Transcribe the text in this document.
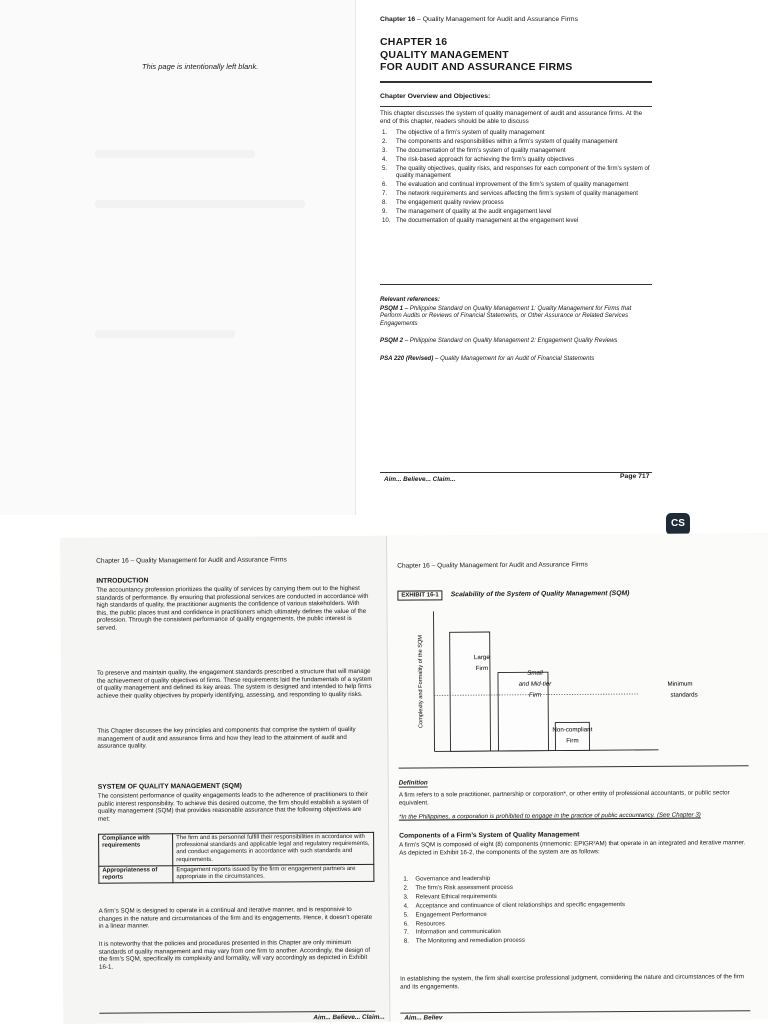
This page is intentionally left blank.
Chapter 16 – Quality Management for Audit and Assurance Firms
CHAPTER 16
QUALITY MANAGEMENT
FOR AUDIT AND ASSURANCE FIRMS
Chapter Overview and Objectives:
This chapter discusses the system of quality management of audit and assurance firms. At the end of this chapter, readers should be able to discuss
1. The objective of a firm’s system of quality management
2. The components and responsibilities within a firm’s system of quality management
3. The documentation of the firm’s system of quality management
4. The risk-based approach for achieving the firm’s quality objectives
5. The quality objectives, quality risks, and responses for each component of the firm’s system of quality management
6. The evaluation and continual improvement of the firm’s system of quality management
7. The network requirements and services affecting the firm’s system of quality management
8. The engagement quality review process
9. The management of quality at the audit engagement level
10. The documentation of quality management at the engagement level
Relevant references:
PSQM 1 – Philippine Standard on Quality Management 1: Quality Management for Firms that Perform Audits or Reviews of Financial Statements, or Other Assurance or Related Services Engagements
PSQM 2 – Philippine Standard on Quality Management 2: Engagement Quality Reviews
PSA 220 (Revised) – Quality Management for an Audit of Financial Statements
Aim... Believe... Claim...	Page 717
CS
Chapter 16 – Quality Management for Audit and Assurance Firms
INTRODUCTION
The accountancy profession prioritizes the quality of services by carrying them out to the highest standards of performance. By ensuring that professional services are conducted in accordance with high standards of quality, the practitioner augments the confidence of various stakeholders. With this, the public places trust and confidence in practitioners which ultimately defines the value of the profession. Through the consistent performance of quality engagements, the public interest is served.
To preserve and maintain quality, the engagement standards prescribed a structure that will manage the achievement of quality objectives of firms. These requirements laid the fundamentals of a system of quality management and defined its key areas. The system is designed and intended to help firms achieve their quality objectives by properly identifying, assessing, and responding to quality risks.
This Chapter discusses the key principles and components that comprise the system of quality management of audit and assurance firms and how they lead to the attainment of audit and assurance quality.
SYSTEM OF QUALITY MANAGEMENT (SQM)
The consistent performance of quality engagements leads to the adherence of practitioners to their public interest responsibility. To achieve this desired outcome, the firm should establish a system of quality management (SQM) that provides reasonable assurance that the following objectives are met:
Compliance with requirements	The firm and its personnel fulfill their responsibilities in accordance with professional standards and applicable legal and regulatory requirements, and conduct engagements in accordance with such standards and requirements.
Appropriateness of reports	Engagement reports issued by the firm or engagement partners are appropriate in the circumstances.
A firm’s SQM is designed to operate in a continual and iterative manner, and is responsive to changes in the nature and circumstances of the firm and its engagements. Hence, it doesn’t operate in a linear manner.
It is noteworthy that the policies and procedures presented in this Chapter are only minimum standards of quality management and may vary from one firm to another. Accordingly, the design of the firm’s SQM, specifically its complexity and formality, will vary accordingly as depicted in Exhibit 16-1.
Aim... Believe... Claim...
Chapter 16 – Quality Management for Audit and Assurance Firms
EXHIBIT 16-1 Scalability of the System of Quality Management (SQM)
Complexity and Formality of the SQM	Large Firm
Small and Mid-tier Firm
Non-compliant Firm
Minimum standards
Definition
A firm refers to a sole practitioner, partnership or corporation*, or other entity of professional accountants, or public sector equivalent.
*In the Philippines, a corporation is prohibited to engage in the practice of public accountancy. (See Chapter 3)
Components of a Firm’s System of Quality Management
A firm’s SQM is composed of eight (8) components (mnemonic: EPIGR²AM) that operate in an integrated and iterative manner. As depicted in Exhibit 16-2, the components of the system are as follows:
1. Governance and leadership
2. The firm’s Risk assessment process
3. Relevant Ethical requirements
4. Acceptance and continuance of client relationships and specific engagements
5. Engagement Performance
6. Resources
7. Information and communication
8. The Monitoring and remediation process
In establishing the system, the firm shall exercise professional judgment, considering the nature and circumstances of the firm and its engagements.
Aim... Believ
